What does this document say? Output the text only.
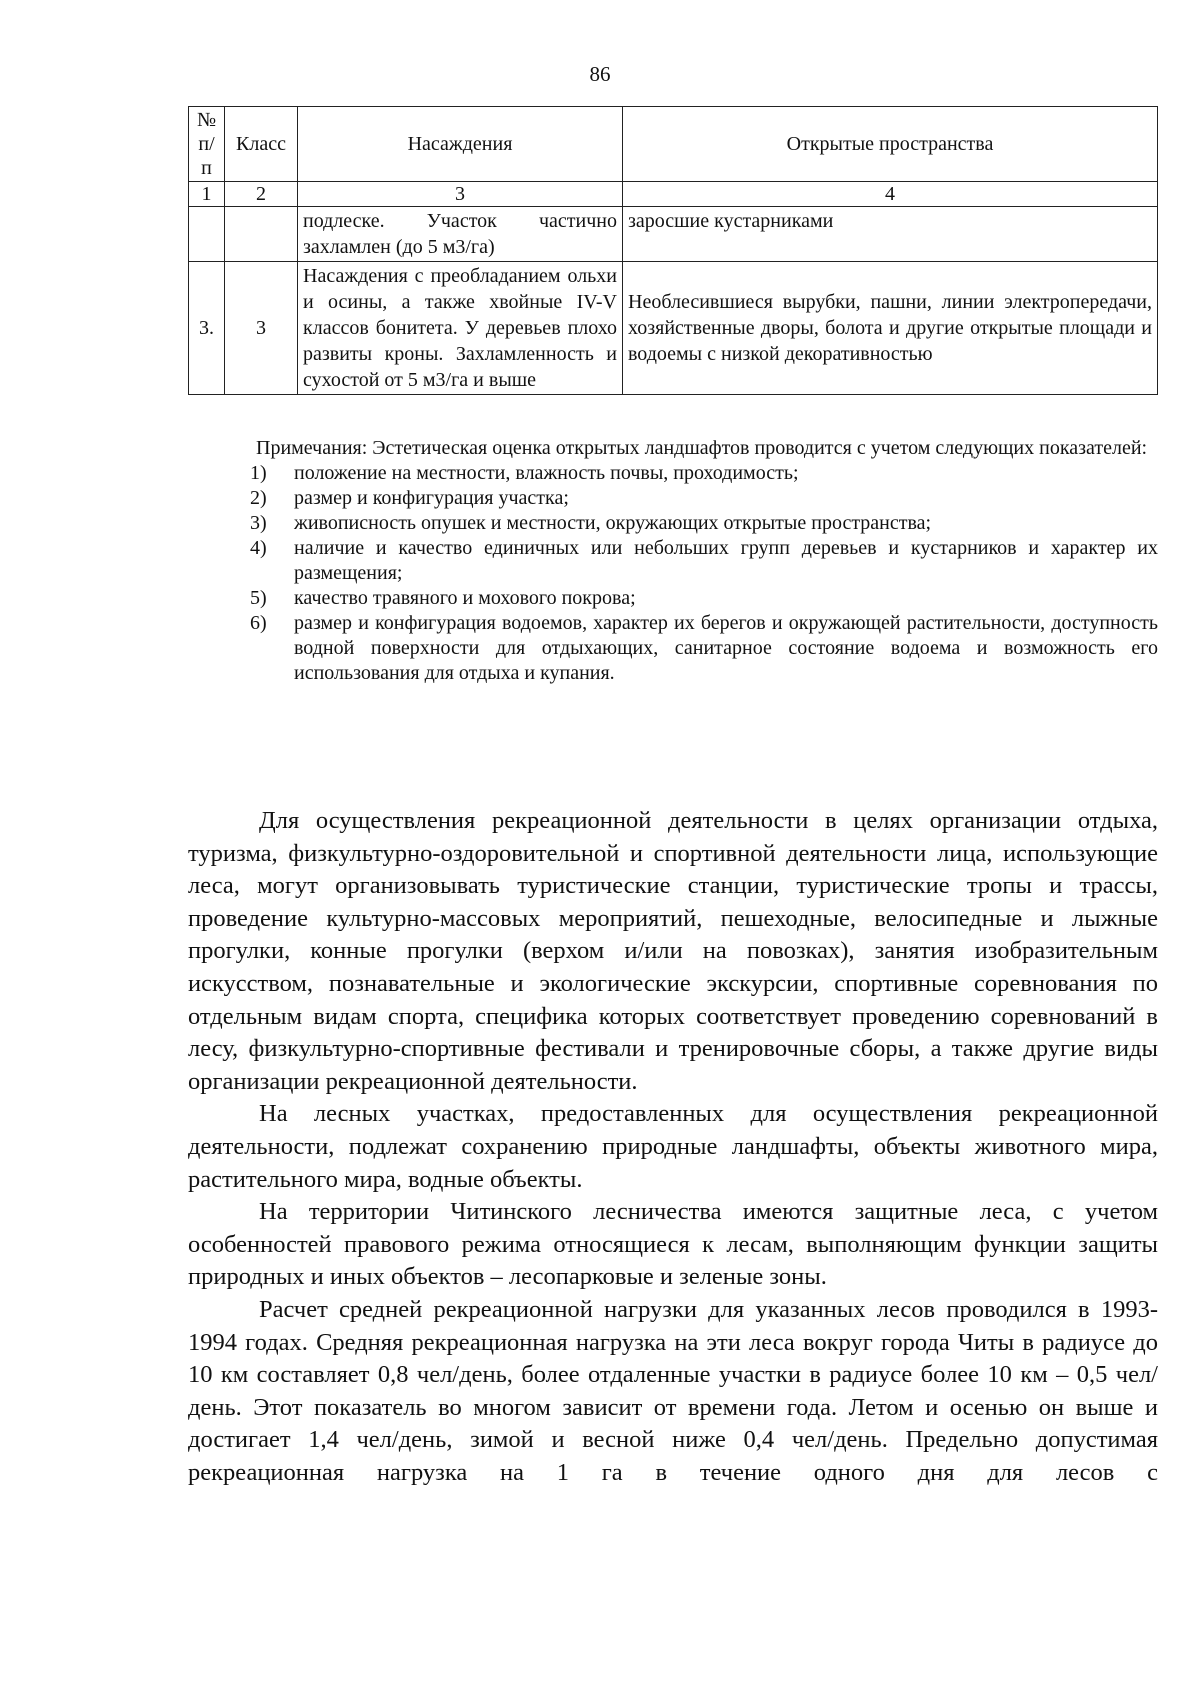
86
№ п/п	Класс	Насаждения	Открытые пространства
1	2	3	4
		подлеске. Участок частично захламлен (до 5 м3/га)	заросшие кустарниками
3.	3	Насаждения с преобладанием ольхи и осины, а также хвойные IV-V классов бонитета. У деревьев плохо развиты кроны. Захламленность и сухостой от 5 м3/га и выше	Необлесившиеся вырубки, пашни, линии электропередачи, хозяйственные дворы, болота и другие открытые площади и водоемы с низкой декоративностью
Примечания: Эстетическая оценка открытых ландшафтов проводится с учетом следующих показателей:
1) положение на местности, влажность почвы, проходимость;
2) размер и конфигурация участка;
3) живописность опушек и местности, окружающих открытые пространства;
4) наличие и качество единичных или небольших групп деревьев и кустарников и характер их размещения;
5) качество травяного и мохового покрова;
6) размер и конфигурация водоемов, характер их берегов и окружающей растительности, доступность водной поверхности для отдыхающих, санитарное состояние водоема и возможность его использования для отдыха и купания.

Для осуществления рекреационной деятельности в целях организации отдыха, туризма, физкультурно-оздоровительной и спортивной деятельности лица, использующие леса, могут организовывать туристические станции, туристические тропы и трассы, проведение культурно-массовых мероприятий, пешеходные, велосипедные и лыжные прогулки, конные прогулки (верхом и/или на повозках), занятия изобразительным искусством, познавательные и экологические экскурсии, спортивные соревнования по отдельным видам спорта, специфика которых соответствует проведению соревнований в лесу, физкультурно-спортивные фестивали и тренировочные сборы, а также другие виды организации рекреационной деятельности.

На лесных участках, предоставленных для осуществления рекреационной деятельности, подлежат сохранению природные ландшафты, объекты животного мира, растительного мира, водные объекты.

На территории Читинского лесничества имеются защитные леса, с учетом особенностей правового режима относящиеся к лесам, выполняющим функции защиты природных и иных объектов – лесопарковые и зеленые зоны.

Расчет средней рекреационной нагрузки для указанных лесов проводился в 1993-1994 годах. Средняя рекреационная нагрузка на эти леса вокруг города Читы в радиусе до 10 км составляет 0,8 чел/день, более отдаленные участки в радиусе более 10 км – 0,5 чел/день. Этот показатель во многом зависит от времени года. Летом и осенью он выше и достигает 1,4 чел/день, зимой и весной ниже 0,4 чел/день. Предельно допустимая рекреационная нагрузка на 1 га в течение одного дня для лесов с
